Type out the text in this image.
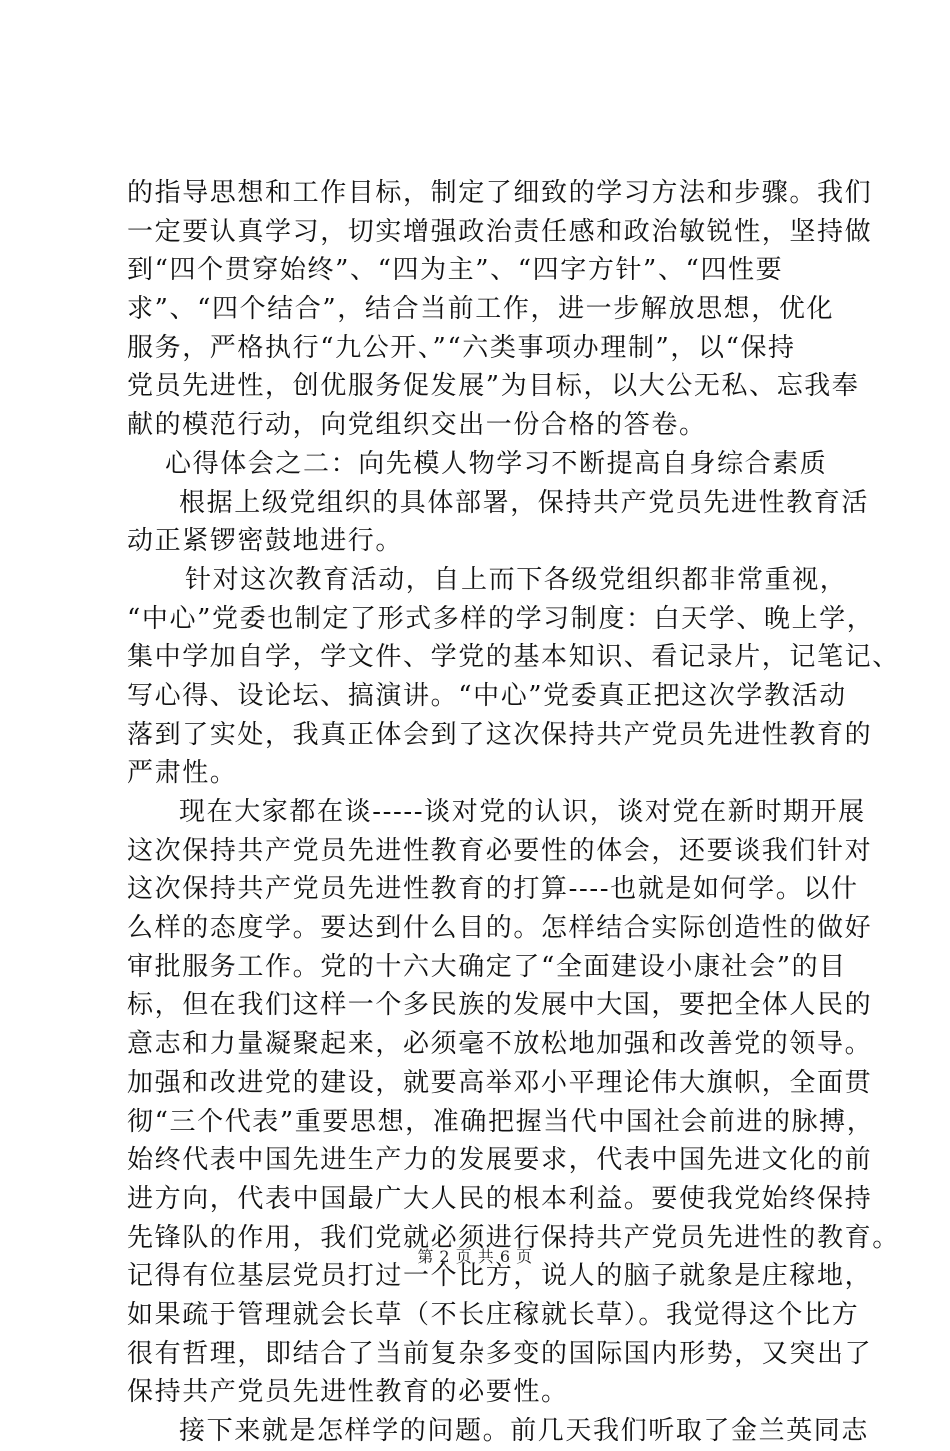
的指导思想和工作目标，制定了细致的学习方法和步骤。我们
一定要认真学习，切实增强政治责任感和政治敏锐性，坚持做
到“四个贯穿始终”、“四为主”、“四字方针”、“四性要
求”、“四个结合”，结合当前工作，进一步解放思想，优化
服务，严格执行“九公开、”“六类事项办理制”，以“保持
党员先进性，创优服务促发展”为目标，以大公无私、忘我奉
献的模范行动，向党组织交出一份合格的答卷。
心得体会之二：向先模人物学习不断提高自身综合素质
根据上级党组织的具体部署，保持共产党员先进性教育活
动正紧锣密鼓地进行。
针对这次教育活动，自上而下各级党组织都非常重视，
“中心”党委也制定了形式多样的学习制度：白天学、晚上学，
集中学加自学，学文件、学党的基本知识、看记录片，记笔记、
写心得、设论坛、搞演讲。“中心”党委真正把这次学教活动
落到了实处，我真正体会到了这次保持共产党员先进性教育的
严肃性。
现在大家都在谈-----谈对党的认识，谈对党在新时期开展
这次保持共产党员先进性教育必要性的体会，还要谈我们针对
这次保持共产党员先进性教育的打算----也就是如何学。以什
么样的态度学。要达到什么目的。怎样结合实际创造性的做好
审批服务工作。党的十六大确定了“全面建设小康社会”的目
标，但在我们这样一个多民族的发展中大国，要把全体人民的
意志和力量凝聚起来，必须毫不放松地加强和改善党的领导。
加强和改进党的建设，就要高举邓小平理论伟大旗帜，全面贯
彻“三个代表”重要思想，准确把握当代中国社会前进的脉搏，
始终代表中国先进生产力的发展要求，代表中国先进文化的前
进方向，代表中国最广大人民的根本利益。要使我党始终保持
先锋队的作用，我们党就必须进行保持共产党员先进性的教育。
记得有位基层党员打过一个比方，说人的脑子就象是庄稼地，
如果疏于管理就会长草（不长庄稼就长草）。我觉得这个比方
很有哲理，即结合了当前复杂多变的国际国内形势，又突出了
保持共产党员先进性教育的必要性。
接下来就是怎样学的问题。前几天我们听取了金兰英同志
第 2 页 共 6 页
